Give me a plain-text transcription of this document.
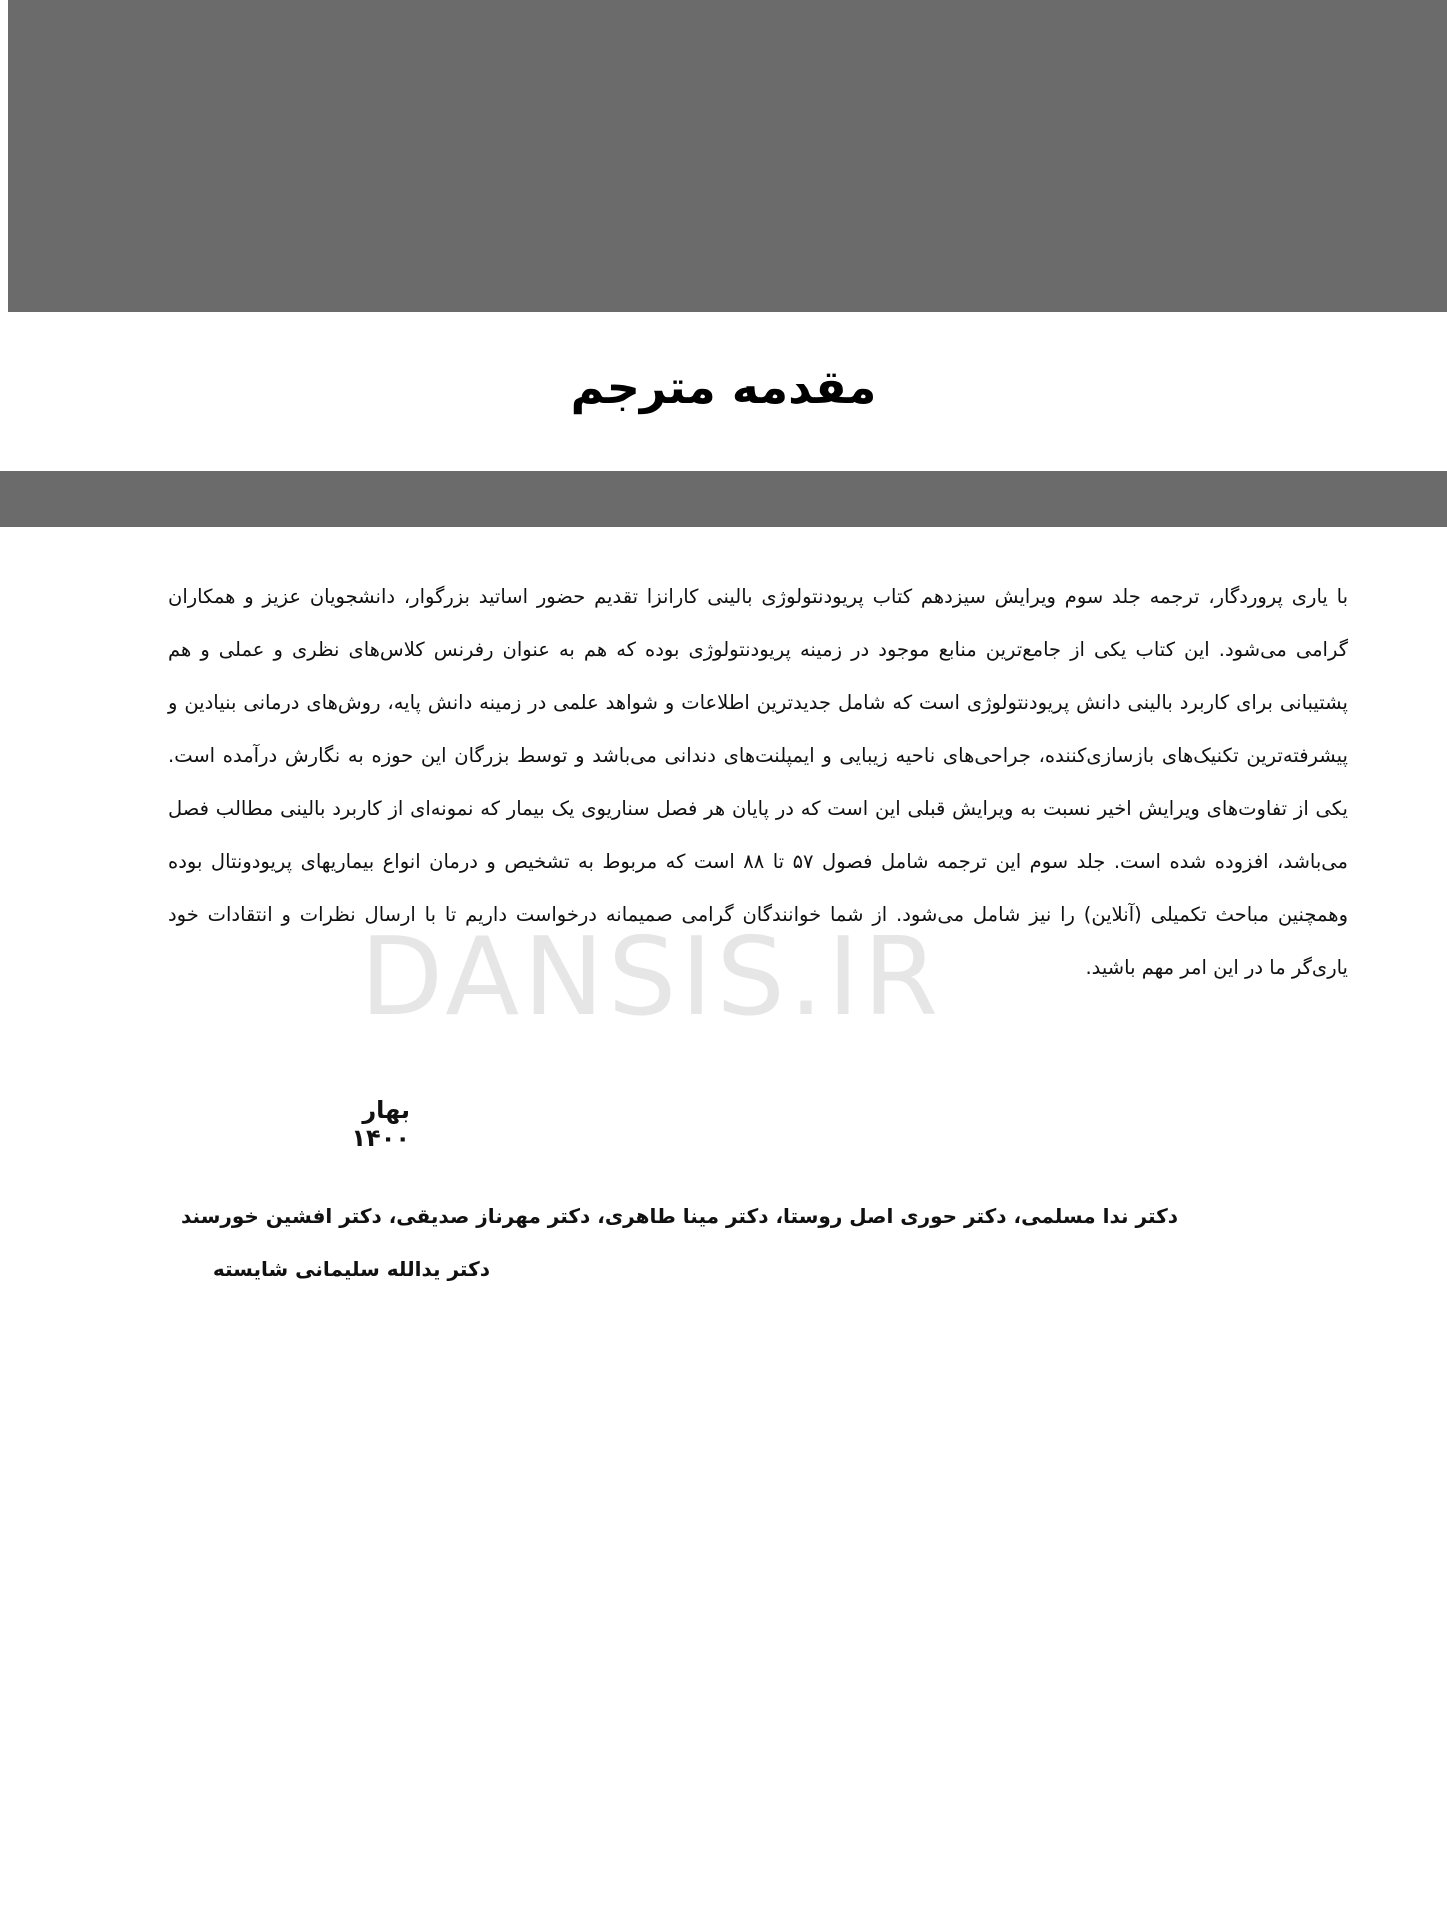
مقدمه مترجم
DANSIS.IR
با یاری پروردگار، ترجمه جلد سوم ویرایش سیزدهم کتاب پریودنتولوژی بالینی کارانزا تقدیم حضور اساتید بزرگوار، دانشجویان عزیز و همکاران گرامی می‌شود. این کتاب یکی از جامع‌ترین منابع موجود در زمینه پریودنتولوژی بوده که هم به عنوان رفرنس کلاس‌های نظری و عملی و هم پشتیبانی برای کاربرد بالینی دانش پریودنتولوژی است که شامل جدیدترین اطلاعات و شواهد علمی در زمینه دانش پایه، روش‌های درمانی بنیادین و پیشرفته‌ترین تکنیک‌های بازسازی‌کننده، جراحی‌های ناحیه زیبایی و ایمپلنت‌های دندانی می‌باشد و توسط بزرگان این حوزه به نگارش درآمده است. یکی از تفاوت‌های ویرایش اخیر نسبت به ویرایش قبلی این است که در پایان هر فصل سناریوی یک بیمار که نمونه‌ای از کاربرد بالینی مطالب فصل می‌باشد، افزوده شده است. جلد سوم این ترجمه شامل فصول ۵۷ تا ۸۸ است که مربوط به تشخیص و درمان انواع بیماریهای پریودونتال بوده وهمچنین مباحث تکمیلی (آنلاین) را نیز شامل می‌شود. از شما خوانندگان گرامی صمیمانه درخواست داریم تا با ارسال نظرات و انتقادات خود یاری‌گر ما در این امر مهم باشید.
بهار ۱۴۰۰
دکتر ندا مسلمی، دکتر حوری اصل روستا، دکتر مینا طاهری، دکتر مهرناز صدیقی، دکتر افشین خورسند
دکتر یدالله سلیمانی شایسته
